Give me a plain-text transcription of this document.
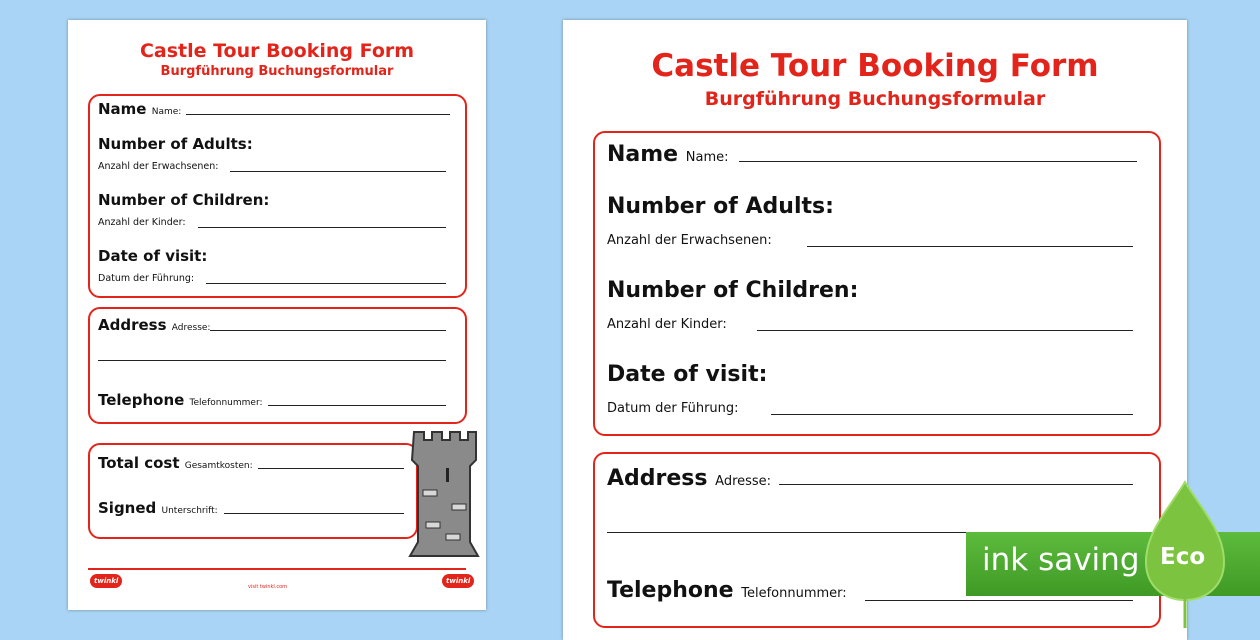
Castle Tour Booking Form
Burgführung Buchungsformular
Name Name:
Number of Adults:
Anzahl der Erwachsenen:
Number of Children:
Anzahl der Kinder:
Date of visit:
Datum der Führung:
Address Adresse:
Telephone Telefonnummer:
Total cost Gesamtkosten:
Signed Unterschrift:
twinkl
visit twinkl.com
twinkl
Castle Tour Booking Form
Burgführung Buchungsformular
Name Name:
Number of Adults:
Anzahl der Erwachsenen:
Number of Children:
Anzahl der Kinder:
Date of visit:
Datum der Führung:
Address Adresse:
Telephone Telefonnummer:
ink saving Eco
